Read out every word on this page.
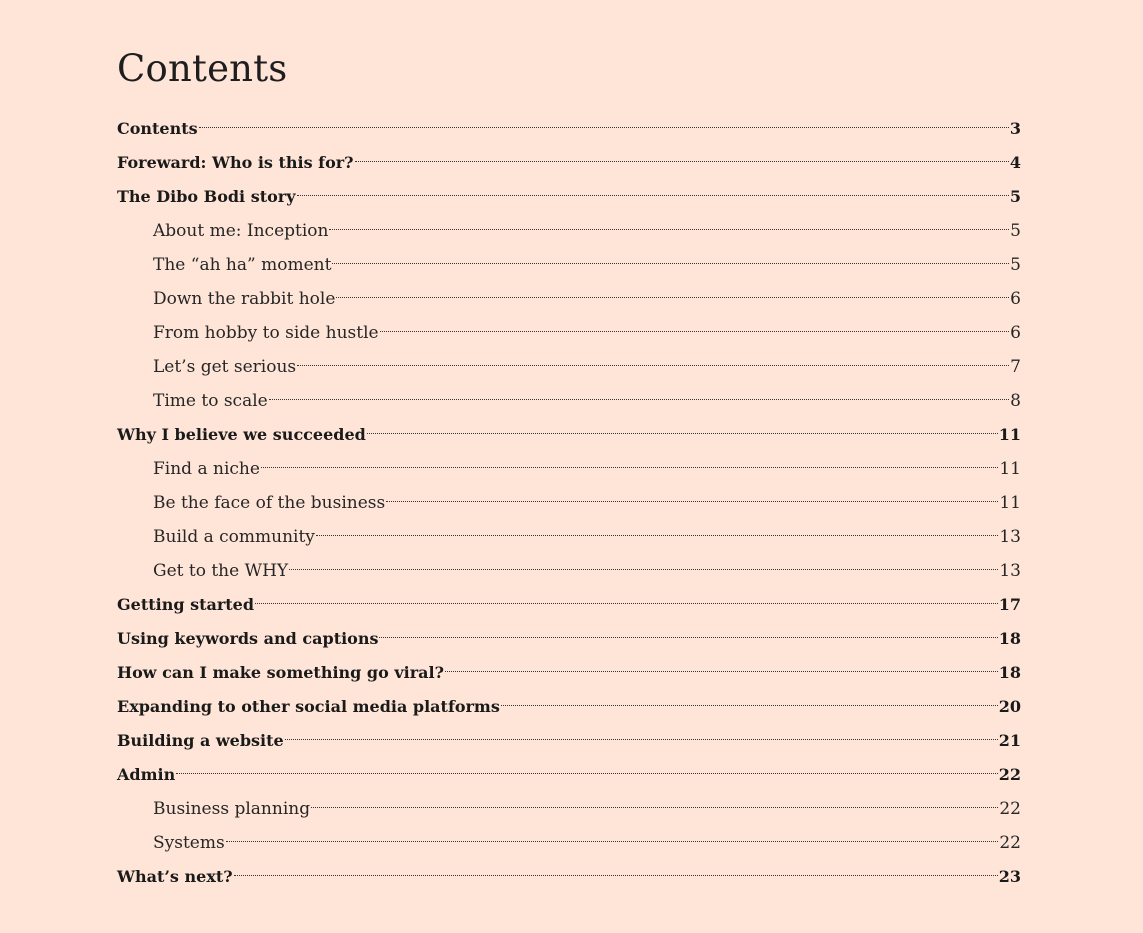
Contents
Contents	3
Foreward: Who is this for?	4
The Dibo Bodi story	5
About me: Inception	5
The “ah ha” moment	5
Down the rabbit hole	6
From hobby to side hustle	6
Let’s get serious	7
Time to scale	8
Why I believe we succeeded	11
Find a niche	11
Be the face of the business	11
Build a community	13
Get to the WHY	13
Getting started	17
Using keywords and captions	18
How can I make something go viral?	18
Expanding to other social media platforms	20
Building a website	21
Admin	22
Business planning	22
Systems	22
What’s next?	23
